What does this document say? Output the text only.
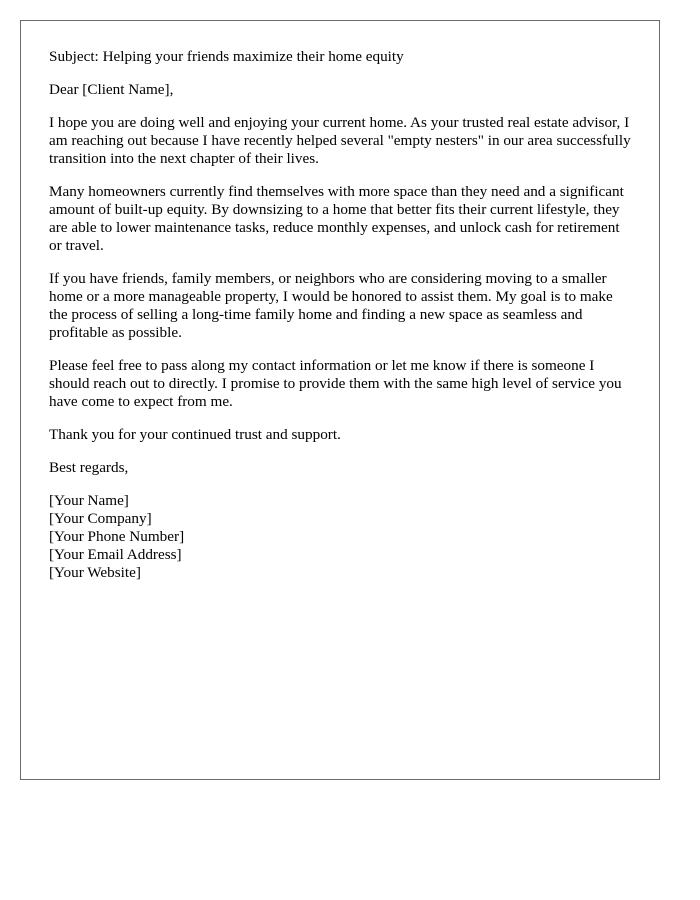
Subject: Helping your friends maximize their home equity

Dear [Client Name],

I hope you are doing well and enjoying your current home. As your trusted real estate advisor, I am reaching out because I have recently helped several "empty nesters" in our area successfully transition into the next chapter of their lives.

Many homeowners currently find themselves with more space than they need and a significant amount of built-up equity. By downsizing to a home that better fits their current lifestyle, they are able to lower maintenance tasks, reduce monthly expenses, and unlock cash for retirement or travel.

If you have friends, family members, or neighbors who are considering moving to a smaller home or a more manageable property, I would be honored to assist them. My goal is to make the process of selling a long-time family home and finding a new space as seamless and profitable as possible.

Please feel free to pass along my contact information or let me know if there is someone I should reach out to directly. I promise to provide them with the same high level of service you have come to expect from me.

Thank you for your continued trust and support.

Best regards,

[Your Name]
[Your Company]
[Your Phone Number]
[Your Email Address]
[Your Website]
